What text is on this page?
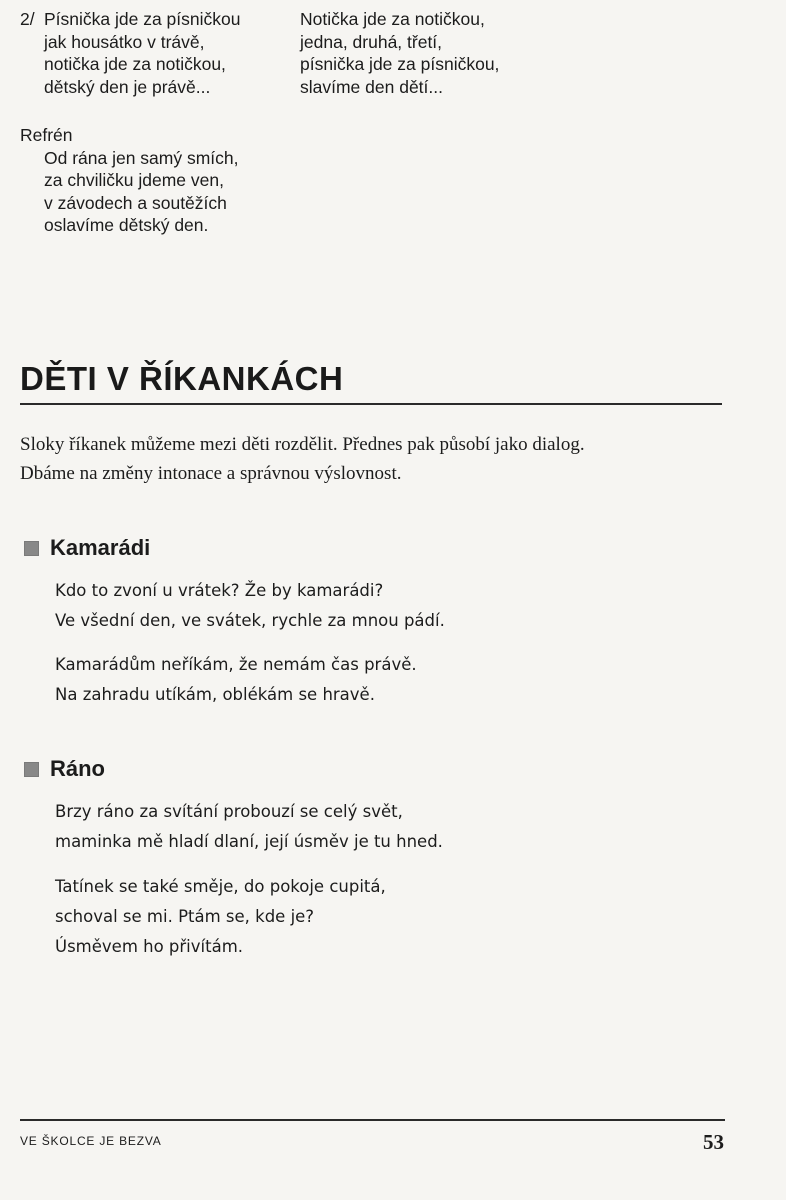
2/ Písnička jde za písničkou
jak housátko v trávě,
notička jde za notičkou,
dětský den je právě...
Notička jde za notičkou,
jedna, druhá, třetí,
písnička jde za písničkou,
slavíme den dětí...
Refrén
Od rána jen samý smích,
za chviličku jdeme ven,
v závodech a soutěžích
oslavíme dětský den.
DĚTI V ŘÍKANKÁCH
Sloky říkanek můžeme mezi děti rozdělit. Přednes pak působí jako dialog.
Dbáme na změny intonace a správnou výslovnost.
Kamarádi
Kdo to zvoní u vrátek? Že by kamarádi?
Ve všední den, ve svátek, rychle za mnou pádí.
Kamarádům neříkám, že nemám čas právě.
Na zahradu utíkám, oblékám se hravě.
Ráno
Brzy ráno za svítání probouzí se celý svět,
maminka mě hladí dlaní, její úsměv je tu hned.
Tatínek se také směje, do pokoje cupitá,
schoval se mi. Ptám se, kde je?
Úsměvem ho přivítám.
VE ŠKOLCE JE BEZVA	53
